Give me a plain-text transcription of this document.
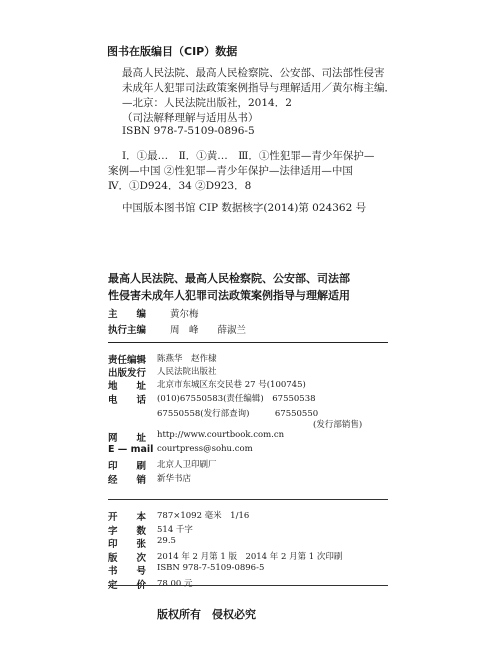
图书在版编目（CIP）数据
最高人民法院、最高人民检察院、公安部、司法部性侵害
未成年人犯罪司法政策案例指导与理解适用／黄尔梅主编．
—北京：人民法院出版社，2014．2
（司法解释理解与适用丛书）
ISBN 978-7-5109-0896-5
Ⅰ．①最…　Ⅱ．①黄…　Ⅲ．①性犯罪—青少年保护—
案例—中国 ②性犯罪—青少年保护—法律适用—中国
Ⅳ．①D924．34 ②D923．8
中国版本图书馆 CIP 数据核字(2014)第 024362 号
最高人民法院、最高人民检察院、公安部、司法部
性侵害未成年人犯罪司法政策案例指导与理解适用
主　　编	黄尔梅
执行主编	周　峰　　薛淑兰
责任编辑 陈燕华　赵作棣
出版发行 人民法院出版社
地　　址 北京市东城区东交民巷 27 号(100745)
电　　话 (010)67550583(责任编辑)　67550538
67550558(发行部查询)　　　67550550
网　　址 http://www.courtbook.com.cn
E — mail courtpress@sohu.com
印　　刷 北京人卫印刷厂
经　　销 新华书店
(发行部销售)
开　　本 787×1092 毫米　1/16
字　　数 514 千字
印　　张 29.5
版　　次 2014 年 2 月第 1 版　2014 年 2 月第 1 次印刷
书　　号 ISBN 978-7-5109-0896-5
定　　价 78.00 元
版权所有　侵权必究
